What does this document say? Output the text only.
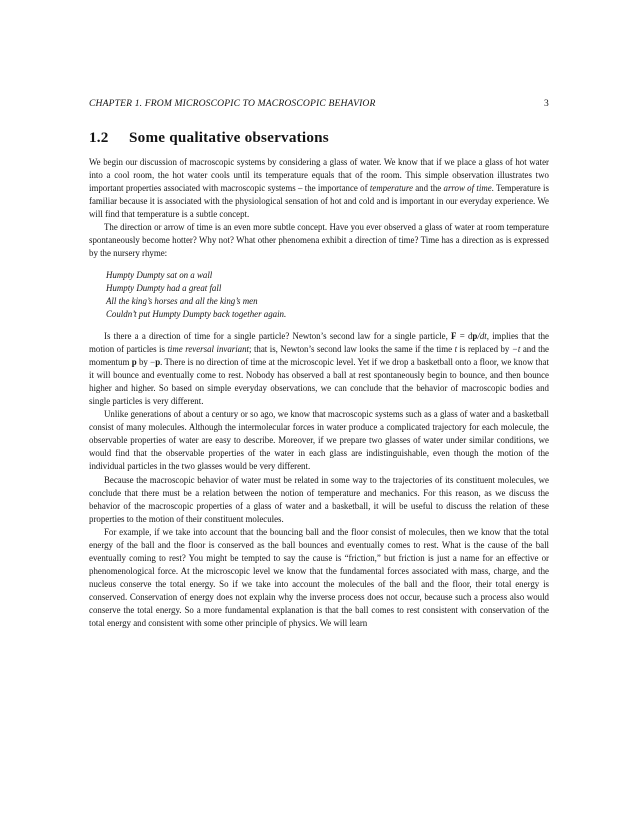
CHAPTER 1. FROM MICROSCOPIC TO MACROSCOPIC BEHAVIOR	3
1.2 Some qualitative observations

We begin our discussion of macroscopic systems by considering a glass of water. We know that if we place a glass of hot water into a cool room, the hot water cools until its temperature equals that of the room. This simple observation illustrates two important properties associated with macroscopic systems – the importance of temperature and the arrow of time. Temperature is familiar because it is associated with the physiological sensation of hot and cold and is important in our everyday experience. We will find that temperature is a subtle concept.

The direction or arrow of time is an even more subtle concept. Have you ever observed a glass of water at room temperature spontaneously become hotter? Why not? What other phenomena exhibit a direction of time? Time has a direction as is expressed by the nursery rhyme:

Humpty Dumpty sat on a wall
Humpty Dumpty had a great fall
All the king’s horses and all the king’s men
Couldn’t put Humpty Dumpty back together again.

Is there a a direction of time for a single particle? Newton’s second law for a single particle, F = dp/dt, implies that the motion of particles is time reversal invariant; that is, Newton’s second law looks the same if the time t is replaced by −t and the momentum p by −p. There is no direction of time at the microscopic level. Yet if we drop a basketball onto a floor, we know that it will bounce and eventually come to rest. Nobody has observed a ball at rest spontaneously begin to bounce, and then bounce higher and higher. So based on simple everyday observations, we can conclude that the behavior of macroscopic bodies and single particles is very different.

Unlike generations of about a century or so ago, we know that macroscopic systems such as a glass of water and a basketball consist of many molecules. Although the intermolecular forces in water produce a complicated trajectory for each molecule, the observable properties of water are easy to describe. Moreover, if we prepare two glasses of water under similar conditions, we would find that the observable properties of the water in each glass are indistinguishable, even though the motion of the individual particles in the two glasses would be very different.

Because the macroscopic behavior of water must be related in some way to the trajectories of its constituent molecules, we conclude that there must be a relation between the notion of temperature and mechanics. For this reason, as we discuss the behavior of the macroscopic properties of a glass of water and a basketball, it will be useful to discuss the relation of these properties to the motion of their constituent molecules.

For example, if we take into account that the bouncing ball and the floor consist of molecules, then we know that the total energy of the ball and the floor is conserved as the ball bounces and eventually comes to rest. What is the cause of the ball eventually coming to rest? You might be tempted to say the cause is “friction,” but friction is just a name for an effective or phenomenological force. At the microscopic level we know that the fundamental forces associated with mass, charge, and the nucleus conserve the total energy. So if we take into account the molecules of the ball and the floor, their total energy is conserved. Conservation of energy does not explain why the inverse process does not occur, because such a process also would conserve the total energy. So a more fundamental explanation is that the ball comes to rest consistent with conservation of the total energy and consistent with some other principle of physics. We will learn
